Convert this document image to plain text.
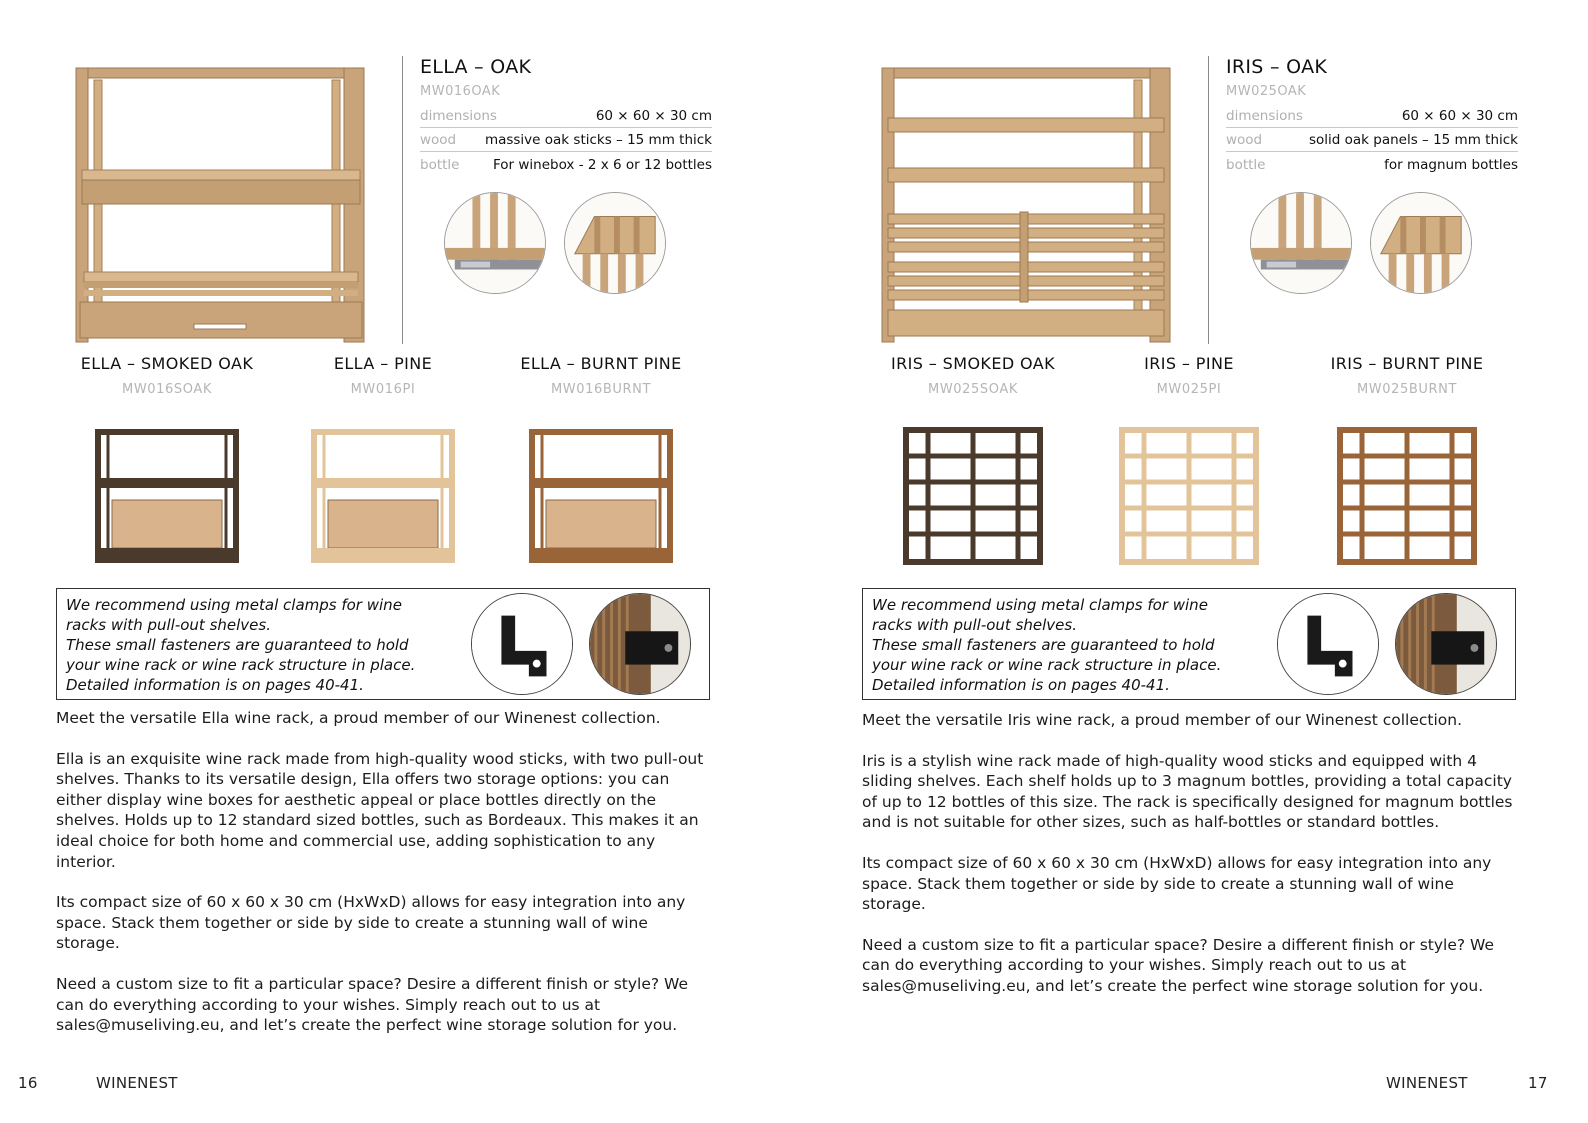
ELLA – OAK
MW016OAK
dimensions	60 × 60 × 30 cm
wood massive oak sticks – 15 mm thick
bottle For winebox - 2 x 6 or 12 bottles
ELLA – SMOKED OAK
MW016SOAK
ELLA – PINE
MW016PI
ELLA – BURNT PINE
MW016BURNT
We recommend using metal clamps for wine
racks with pull-out shelves.
These small fasteners are guaranteed to hold
your wine rack or wine rack structure in place.
Detailed information is on pages 40-41.

Meet the versatile Ella wine rack, a proud member of our Winenest collection.

Ella is an exquisite wine rack made from high-quality wood sticks, with two pull-out shelves. Thanks to its versatile design, Ella offers two storage options: you can either display wine boxes for aesthetic appeal or place bottles directly on the shelves. Holds up to 12 standard sized bottles, such as Bordeaux. This makes it an ideal choice for both home and commercial use, adding sophistication to any interior.

Its compact size of 60 x 60 x 30 cm (HxWxD) allows for easy integration into any space. Stack them together or side by side to create a stunning wall of wine storage.

Need a custom size to fit a particular space? Desire a different finish or style? We can do everything according to your wishes. Simply reach out to us at sales@museliving.eu, and let’s create the perfect wine storage solution for you.

16	WINENEST
IRIS – OAK
MW025OAK
dimensions	60 × 60 × 30 cm
wood	solid oak panels – 15 mm thick
bottle	for magnum bottles
IRIS – SMOKED OAK
MW025SOAK
IRIS – PINE
MW025PI
IRIS – BURNT PINE
MW025BURNT
We recommend using metal clamps for wine
racks with pull-out shelves.
These small fasteners are guaranteed to hold
your wine rack or wine rack structure in place.
Detailed information is on pages 40-41.

Meet the versatile Iris wine rack, a proud member of our Winenest collection.

Iris is a stylish wine rack made of high-quality wood sticks and equipped with 4 sliding shelves. Each shelf holds up to 3 magnum bottles, providing a total capacity of up to 12 bottles of this size. The rack is specifically designed for magnum bottles and is not suitable for other sizes, such as half-bottles or standard bottles.

Its compact size of 60 x 60 x 30 cm (HxWxD) allows for easy integration into any space. Stack them together or side by side to create a stunning wall of wine storage.

Need a custom size to fit a particular space? Desire a different finish or style? We can do everything according to your wishes. Simply reach out to us at sales@museliving.eu, and let’s create the perfect wine storage solution for you.

WINENEST	17
